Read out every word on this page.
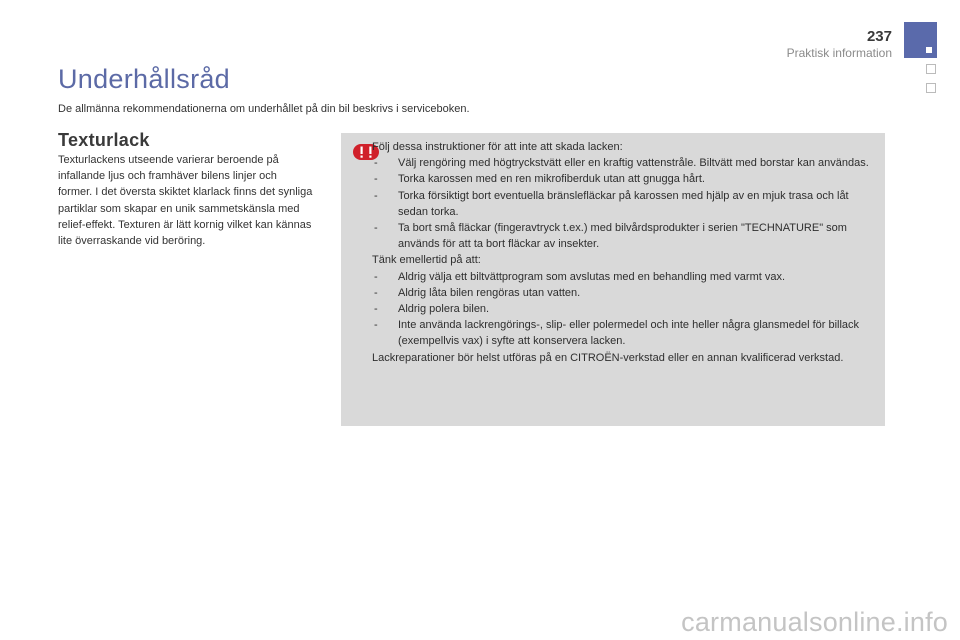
237
Praktisk information
Underhållsråd

De allmänna rekommendationerna om underhållet på din bil beskrivs i serviceboken.

Texturlack

Texturlackens utseende varierar beroende på infallande ljus och framhäver bilens linjer och former. I det översta skiktet klarlack finns det synliga partiklar som skapar en unik sammetskänsla med relief-effekt. Texturen är lätt kornig vilket kan kännas lite överraskande vid beröring.

Följ dessa instruktioner för att inte att skada lacken:

- Välj rengöring med högtryckstvätt eller en kraftig vattenstråle. Biltvätt med borstar kan användas.
- Torka karossen med en ren mikrofiberduk utan att gnugga hårt.
- Torka försiktigt bort eventuella bränslefläckar på karossen med hjälp av en mjuk trasa och låt sedan torka.
- Ta bort små fläckar (fingeravtryck t.ex.) med bilvårdsprodukter i serien "TECHNATURE" som används för att ta bort fläckar av insekter.

Tänk emellertid på att:

- Aldrig välja ett biltvättprogram som avslutas med en behandling med varmt vax.
- Aldrig låta bilen rengöras utan vatten.
- Aldrig polera bilen.
- Inte använda lackrengörings-, slip- eller polermedel och inte heller några glansmedel för billack (exempellvis vax) i syfte att konservera lacken.

Lackreparationer bör helst utföras på en CITROËN-verkstad eller en annan kvalificerad verkstad.

carmanualsonline.info
